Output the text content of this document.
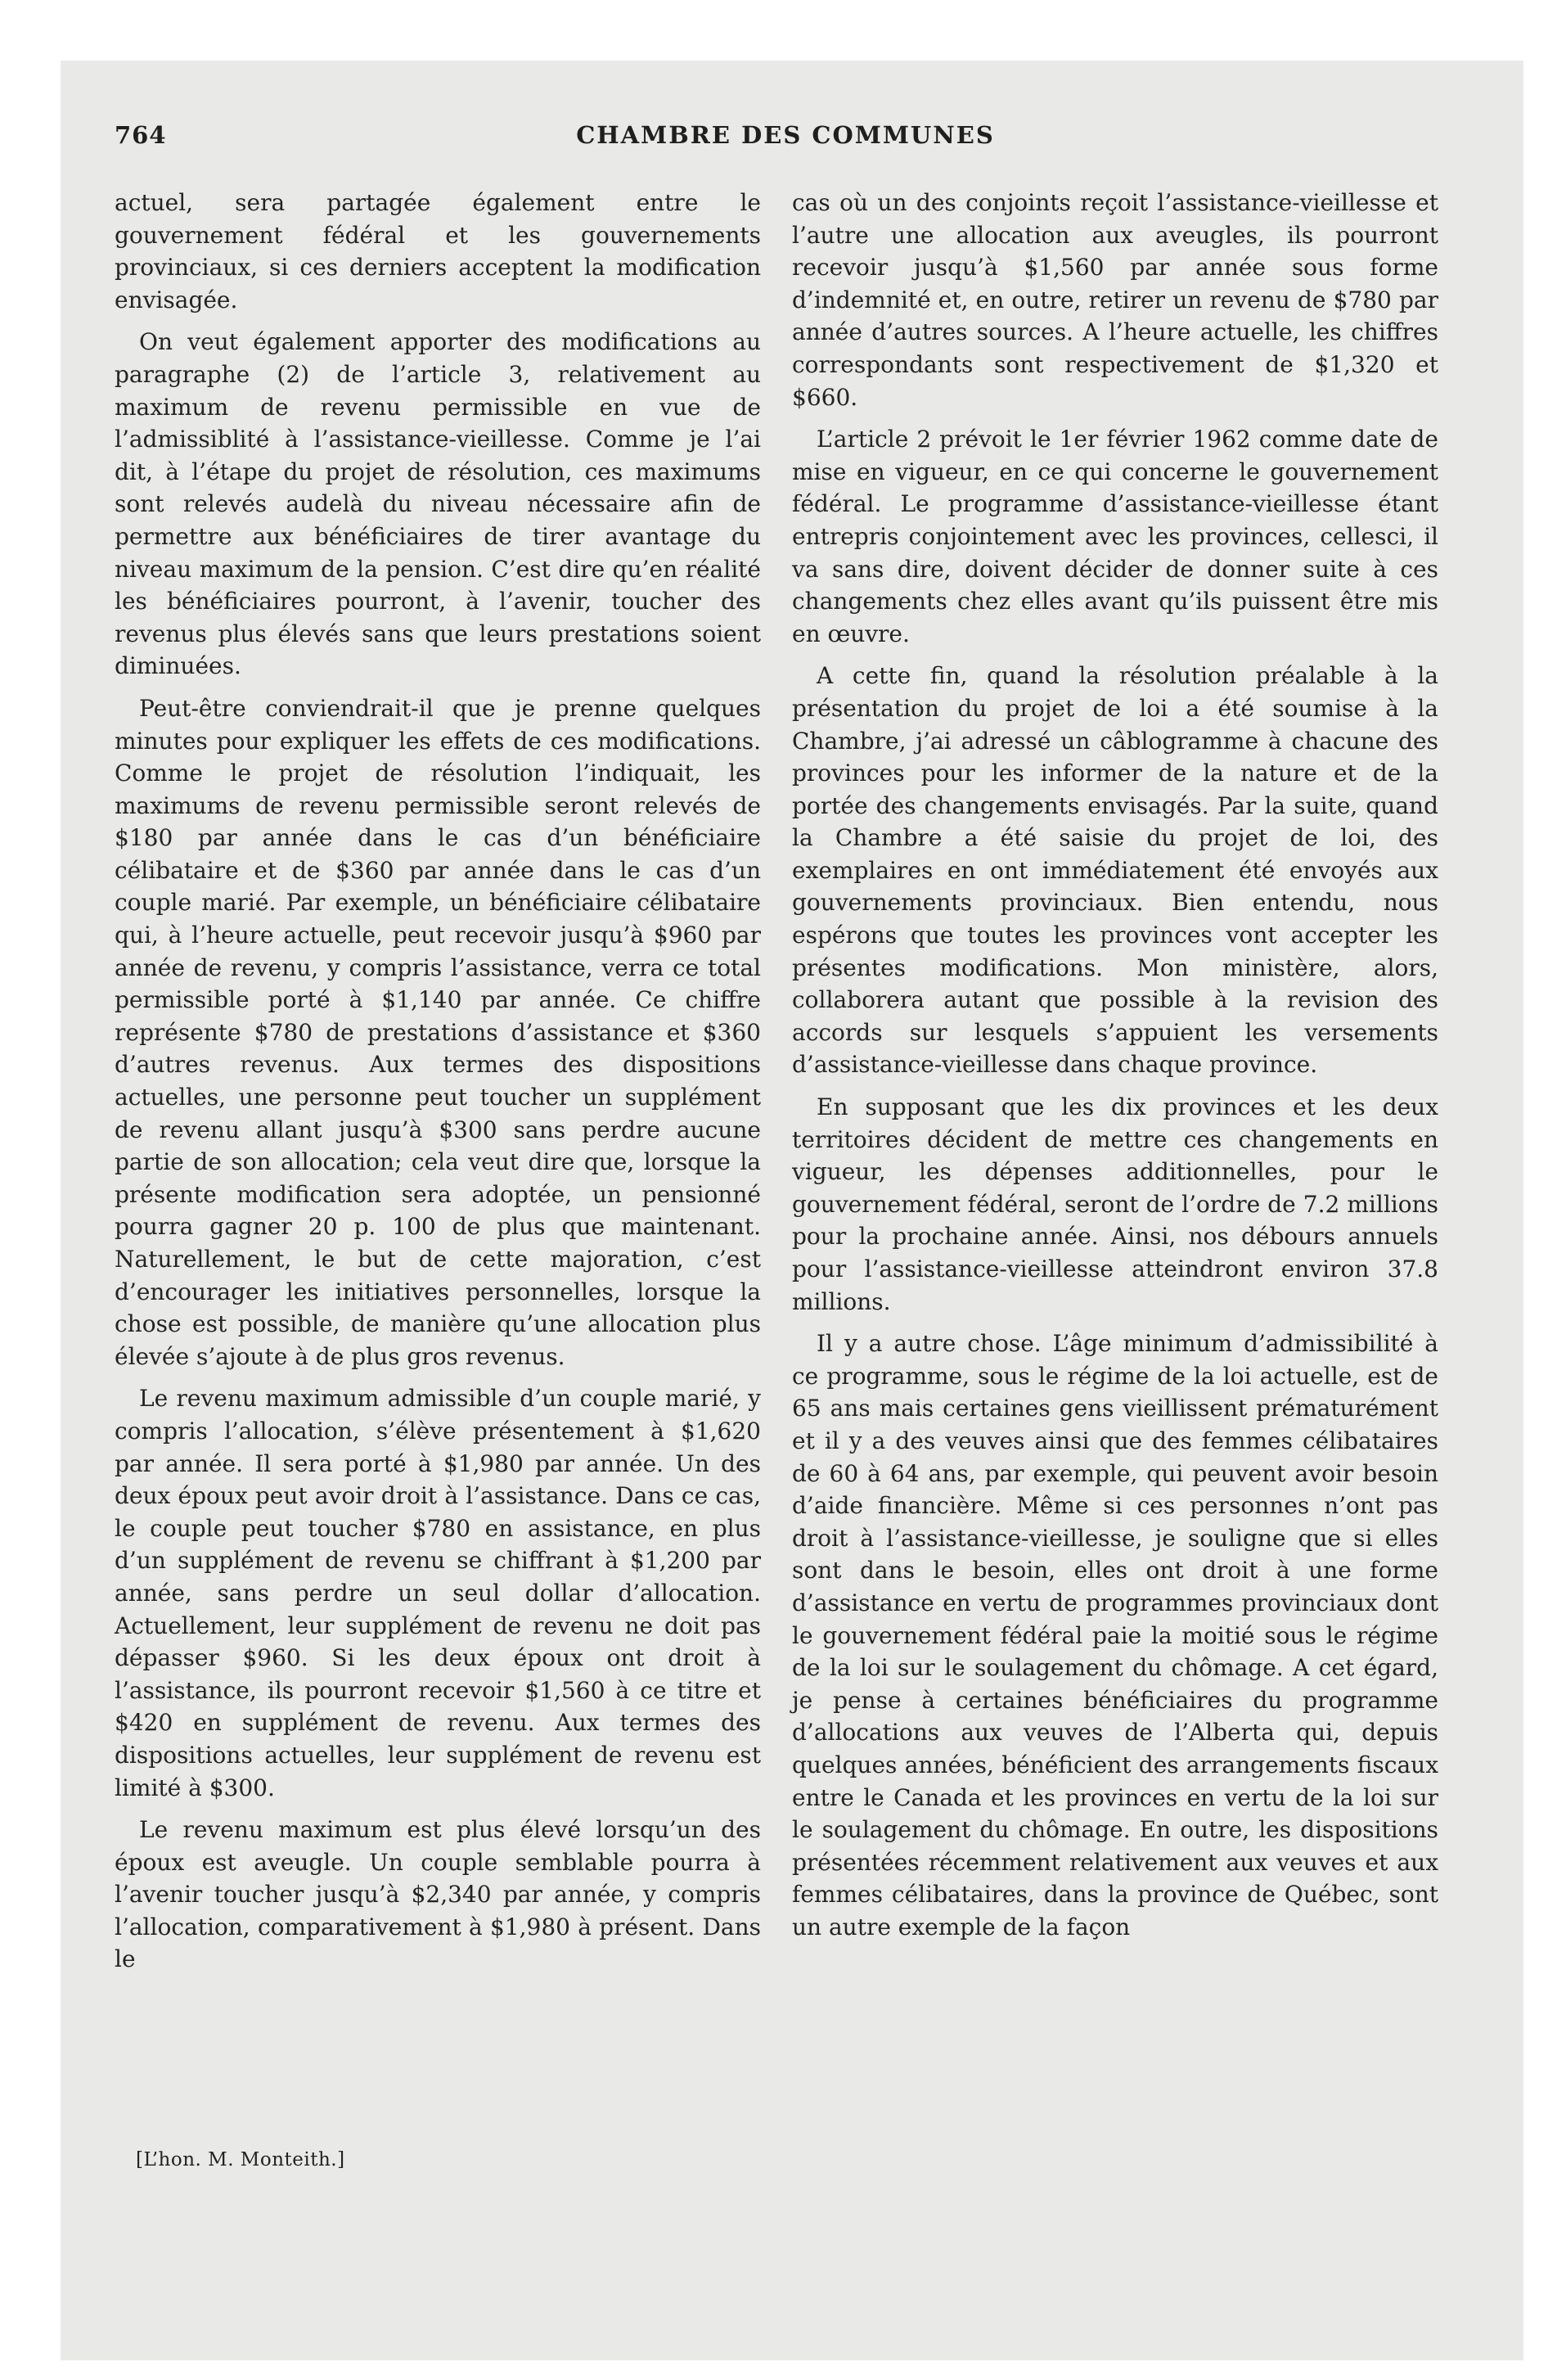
764	CHAMBRE DES COMMUNES

actuel, sera partagée également entre le gouvernement fédéral et les gouvernements provinciaux, si ces derniers acceptent la modification envisagée.

On veut également apporter des modifications au paragraphe (2) de l’article 3, relativement au maximum de revenu permissible en vue de l’admissiblité à l’assistance-vieillesse. Comme je l’ai dit, à l’étape du projet de résolution, ces maximums sont relevés audelà du niveau nécessaire afin de permettre aux bénéficiaires de tirer avantage du niveau maximum de la pension. C’est dire qu’en réalité les bénéficiaires pourront, à l’avenir, toucher des revenus plus élevés sans que leurs prestations soient diminuées.

Peut-être conviendrait-il que je prenne quelques minutes pour expliquer les effets de ces modifications. Comme le projet de résolution l’indiquait, les maximums de revenu permissible seront relevés de $180 par année dans le cas d’un bénéficiaire célibataire et de $360 par année dans le cas d’un couple marié. Par exemple, un bénéficiaire célibataire qui, à l’heure actuelle, peut recevoir jusqu’à $960 par année de revenu, y compris l’assistance, verra ce total permissible porté à $1,140 par année. Ce chiffre représente $780 de prestations d’assistance et $360 d’autres revenus. Aux termes des dispositions actuelles, une personne peut toucher un supplément de revenu allant jusqu’à $300 sans perdre aucune partie de son allocation; cela veut dire que, lorsque la présente modification sera adoptée, un pensionné pourra gagner 20 p. 100 de plus que maintenant. Naturellement, le but de cette majoration, c’est d’encourager les initiatives personnelles, lorsque la chose est possible, de manière qu’une allocation plus élevée s’ajoute à de plus gros revenus.

Le revenu maximum admissible d’un couple marié, y compris l’allocation, s’élève présentement à $1,620 par année. Il sera porté à $1,980 par année. Un des deux époux peut avoir droit à l’assistance. Dans ce cas, le couple peut toucher $780 en assistance, en plus d’un supplément de revenu se chiffrant à $1,200 par année, sans perdre un seul dollar d’allocation. Actuellement, leur supplément de revenu ne doit pas dépasser $960. Si les deux époux ont droit à l’assistance, ils pourront recevoir $1,560 à ce titre et $420 en supplément de revenu. Aux termes des dispositions actuelles, leur supplément de revenu est limité à $300.

Le revenu maximum est plus élevé lorsqu’un des époux est aveugle. Un couple semblable pourra à l’avenir toucher jusqu’à $2,340 par année, y compris l’allocation, comparativement à $1,980 à présent. Dans le

[L’hon. M. Monteith.]

cas où un des conjoints reçoit l’assistance-vieillesse et l’autre une allocation aux aveugles, ils pourront recevoir jusqu’à $1,560 par année sous forme d’indemnité et, en outre, retirer un revenu de $780 par année d’autres sources. A l’heure actuelle, les chiffres correspondants sont respectivement de $1,320 et $660.

L’article 2 prévoit le 1er février 1962 comme date de mise en vigueur, en ce qui concerne le gouvernement fédéral. Le programme d’assistance-vieillesse étant entrepris conjointement avec les provinces, cellesci, il va sans dire, doivent décider de donner suite à ces changements chez elles avant qu’ils puissent être mis en œuvre.

A cette fin, quand la résolution préalable à la présentation du projet de loi a été soumise à la Chambre, j’ai adressé un câblogramme à chacune des provinces pour les informer de la nature et de la portée des changements envisagés. Par la suite, quand la Chambre a été saisie du projet de loi, des exemplaires en ont immédiatement été envoyés aux gouvernements provinciaux. Bien entendu, nous espérons que toutes les provinces vont accepter les présentes modifications. Mon ministère, alors, collaborera autant que possible à la revision des accords sur lesquels s’appuient les versements d’assistance-vieillesse dans chaque province.

En supposant que les dix provinces et les deux territoires décident de mettre ces changements en vigueur, les dépenses additionnelles, pour le gouvernement fédéral, seront de l’ordre de 7.2 millions pour la prochaine année. Ainsi, nos débours annuels pour l’assistance-vieillesse atteindront environ 37.8 millions.

Il y a autre chose. L’âge minimum d’admissibilité à ce programme, sous le régime de la loi actuelle, est de 65 ans mais certaines gens vieillissent prématurément et il y a des veuves ainsi que des femmes célibataires de 60 à 64 ans, par exemple, qui peuvent avoir besoin d’aide financière. Même si ces personnes n’ont pas droit à l’assistance-vieillesse, je souligne que si elles sont dans le besoin, elles ont droit à une forme d’assistance en vertu de programmes provinciaux dont le gouvernement fédéral paie la moitié sous le régime de la loi sur le soulagement du chômage. A cet égard, je pense à certaines bénéficiaires du programme d’allocations aux veuves de l’Alberta qui, depuis quelques années, bénéficient des arrangements fiscaux entre le Canada et les provinces en vertu de la loi sur le soulagement du chômage. En outre, les dispositions présentées récemment relativement aux veuves et aux femmes célibataires, dans la province de Québec, sont un autre exemple de la façon
